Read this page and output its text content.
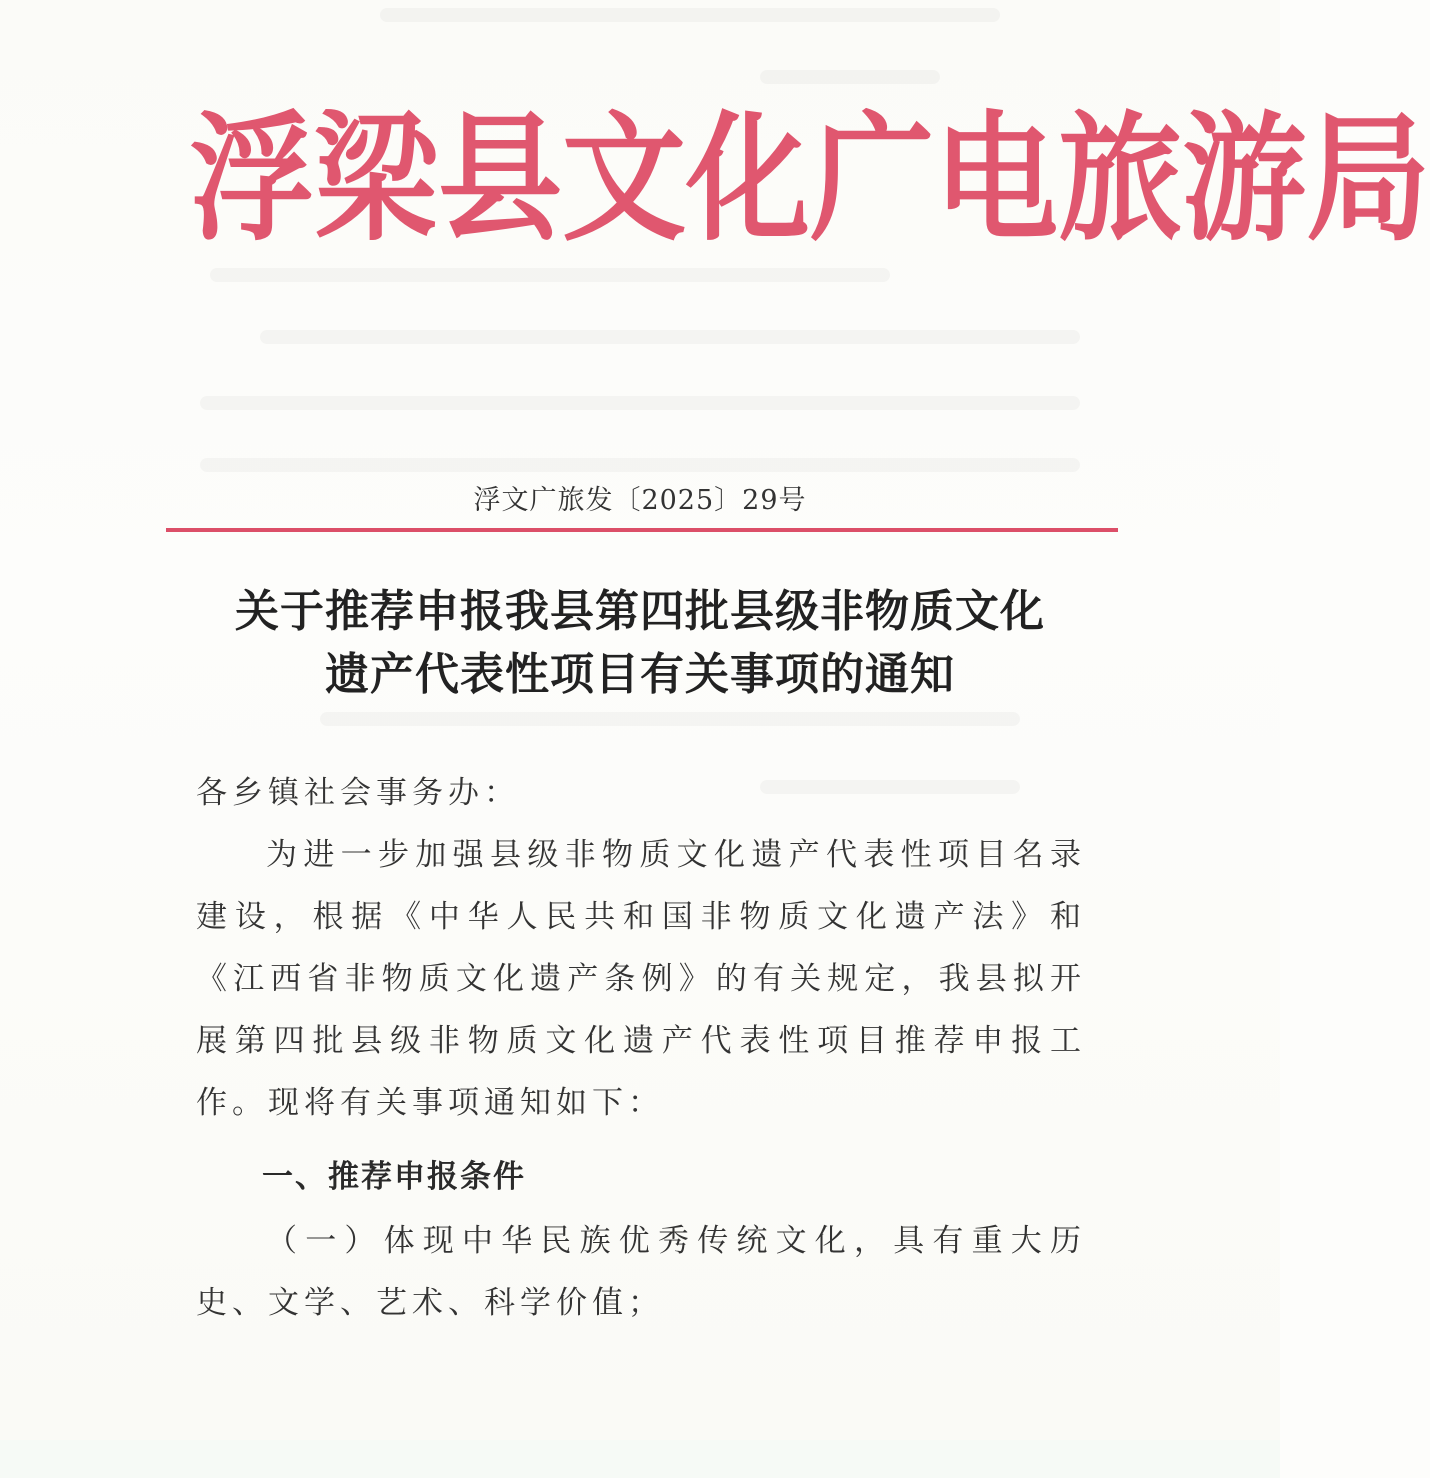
浮 梁 县 文 化 广 电 旅 游 局
浮文广旅发〔2025〕29号
关于推荐申报我县第四批县级非物质文化
遗产代表性项目有关事项的通知
各乡镇社会事务办：
为进一步加强县级非物质文化遗产代表性项目名录建设，根据《中华人民共和国非物质文化遗产法》和《江西省非物质文化遗产条例》的有关规定，我县拟开展第四批县级非物质文化遗产代表性项目推荐申报工作。现将有关事项通知如下：
一、推荐申报条件
（一）体现中华民族优秀传统文化，具有重大历史、文学、艺术、科学价值；
